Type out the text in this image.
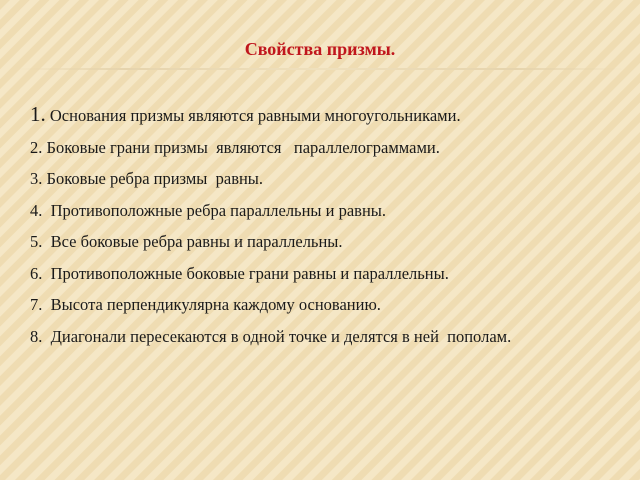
Свойства призмы.
1. Основания призмы являются равными многоугольниками.
2. Боковые грани призмы  являются   параллелограммами.
3. Боковые ребра призмы  равны.
4. Противоположные ребра параллельны и равны.
5. Все боковые ребра равны и параллельны.
6. Противоположные боковые грани равны и параллельны.
7. Высота перпендикулярна каждому основанию.
8. Диагонали пересекаются в одной точке и делятся в ней  пополам.
